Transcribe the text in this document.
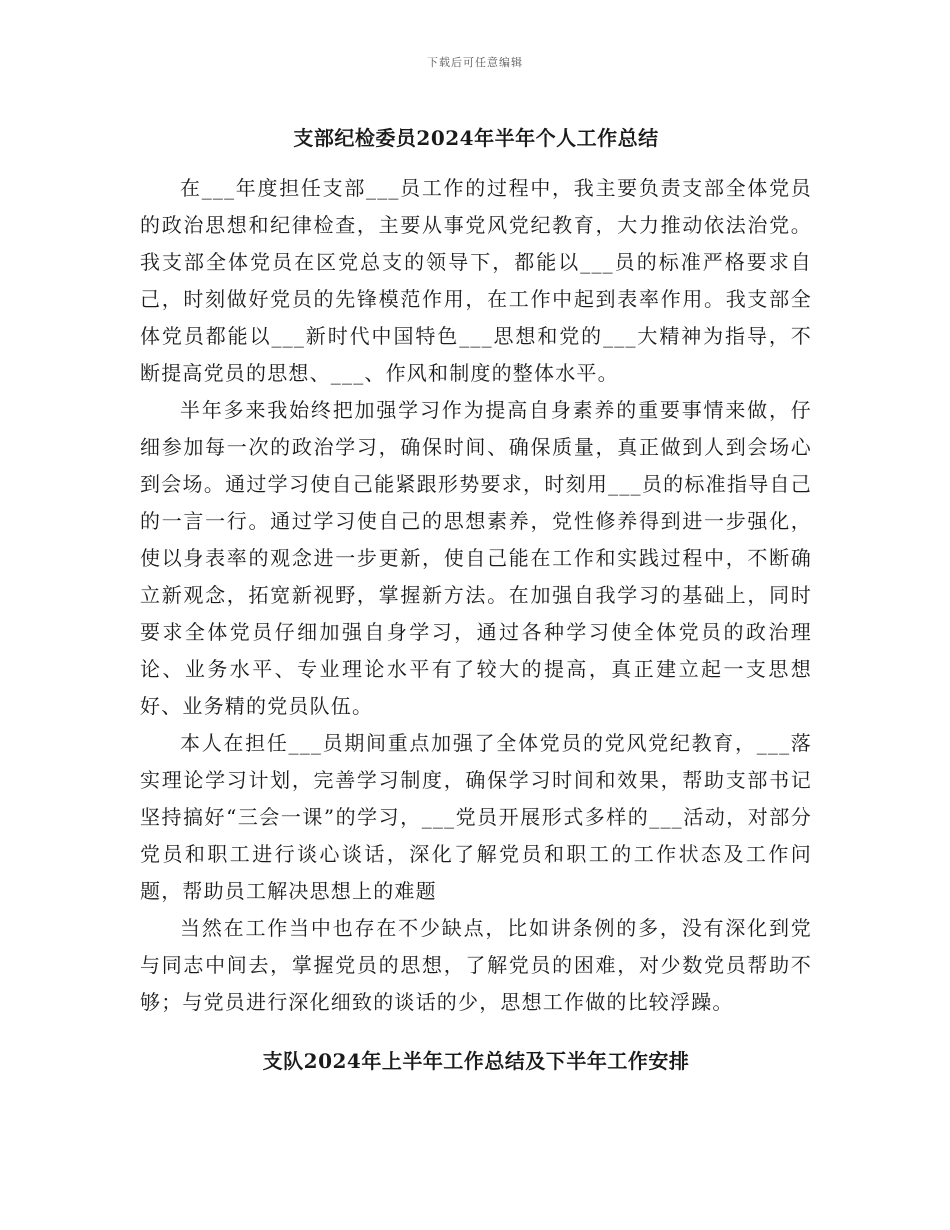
下载后可任意编辑
支部纪检委员2024年半年个人工作总结

在___年度担任支部___员工作的过程中，我主要负责支部全体党员的政治思想和纪律检查，主要从事党风党纪教育，大力推动依法治党。我支部全体党员在区党总支的领导下，都能以___员的标准严格要求自己，时刻做好党员的先锋模范作用，在工作中起到表率作用。我支部全体党员都能以___新时代中国特色___思想和党的___大精神为指导，不断提高党员的思想、___、作风和制度的整体水平。

半年多来我始终把加强学习作为提高自身素养的重要事情来做，仔细参加每一次的政治学习，确保时间、确保质量，真正做到人到会场心到会场。通过学习使自己能紧跟形势要求，时刻用___员的标准指导自己的一言一行。通过学习使自己的思想素养，党性修养得到进一步强化，使以身表率的观念进一步更新，使自己能在工作和实践过程中，不断确立新观念，拓宽新视野，掌握新方法。在加强自我学习的基础上，同时要求全体党员仔细加强自身学习，通过各种学习使全体党员的政治理论、业务水平、专业理论水平有了较大的提高，真正建立起一支思想好、业务精的党员队伍。

本人在担任___员期间重点加强了全体党员的党风党纪教育，___落实理论学习计划，完善学习制度，确保学习时间和效果，帮助支部书记坚持搞好“三会一课”的学习，___党员开展形式多样的___活动，对部分党员和职工进行谈心谈话，深化了解党员和职工的工作状态及工作问题，帮助员工解决思想上的难题

当然在工作当中也存在不少缺点，比如讲条例的多，没有深化到党与同志中间去，掌握党员的思想，了解党员的困难，对少数党员帮助不够；与党员进行深化细致的谈话的少，思想工作做的比较浮躁。

支队2024年上半年工作总结及下半年工作安排
